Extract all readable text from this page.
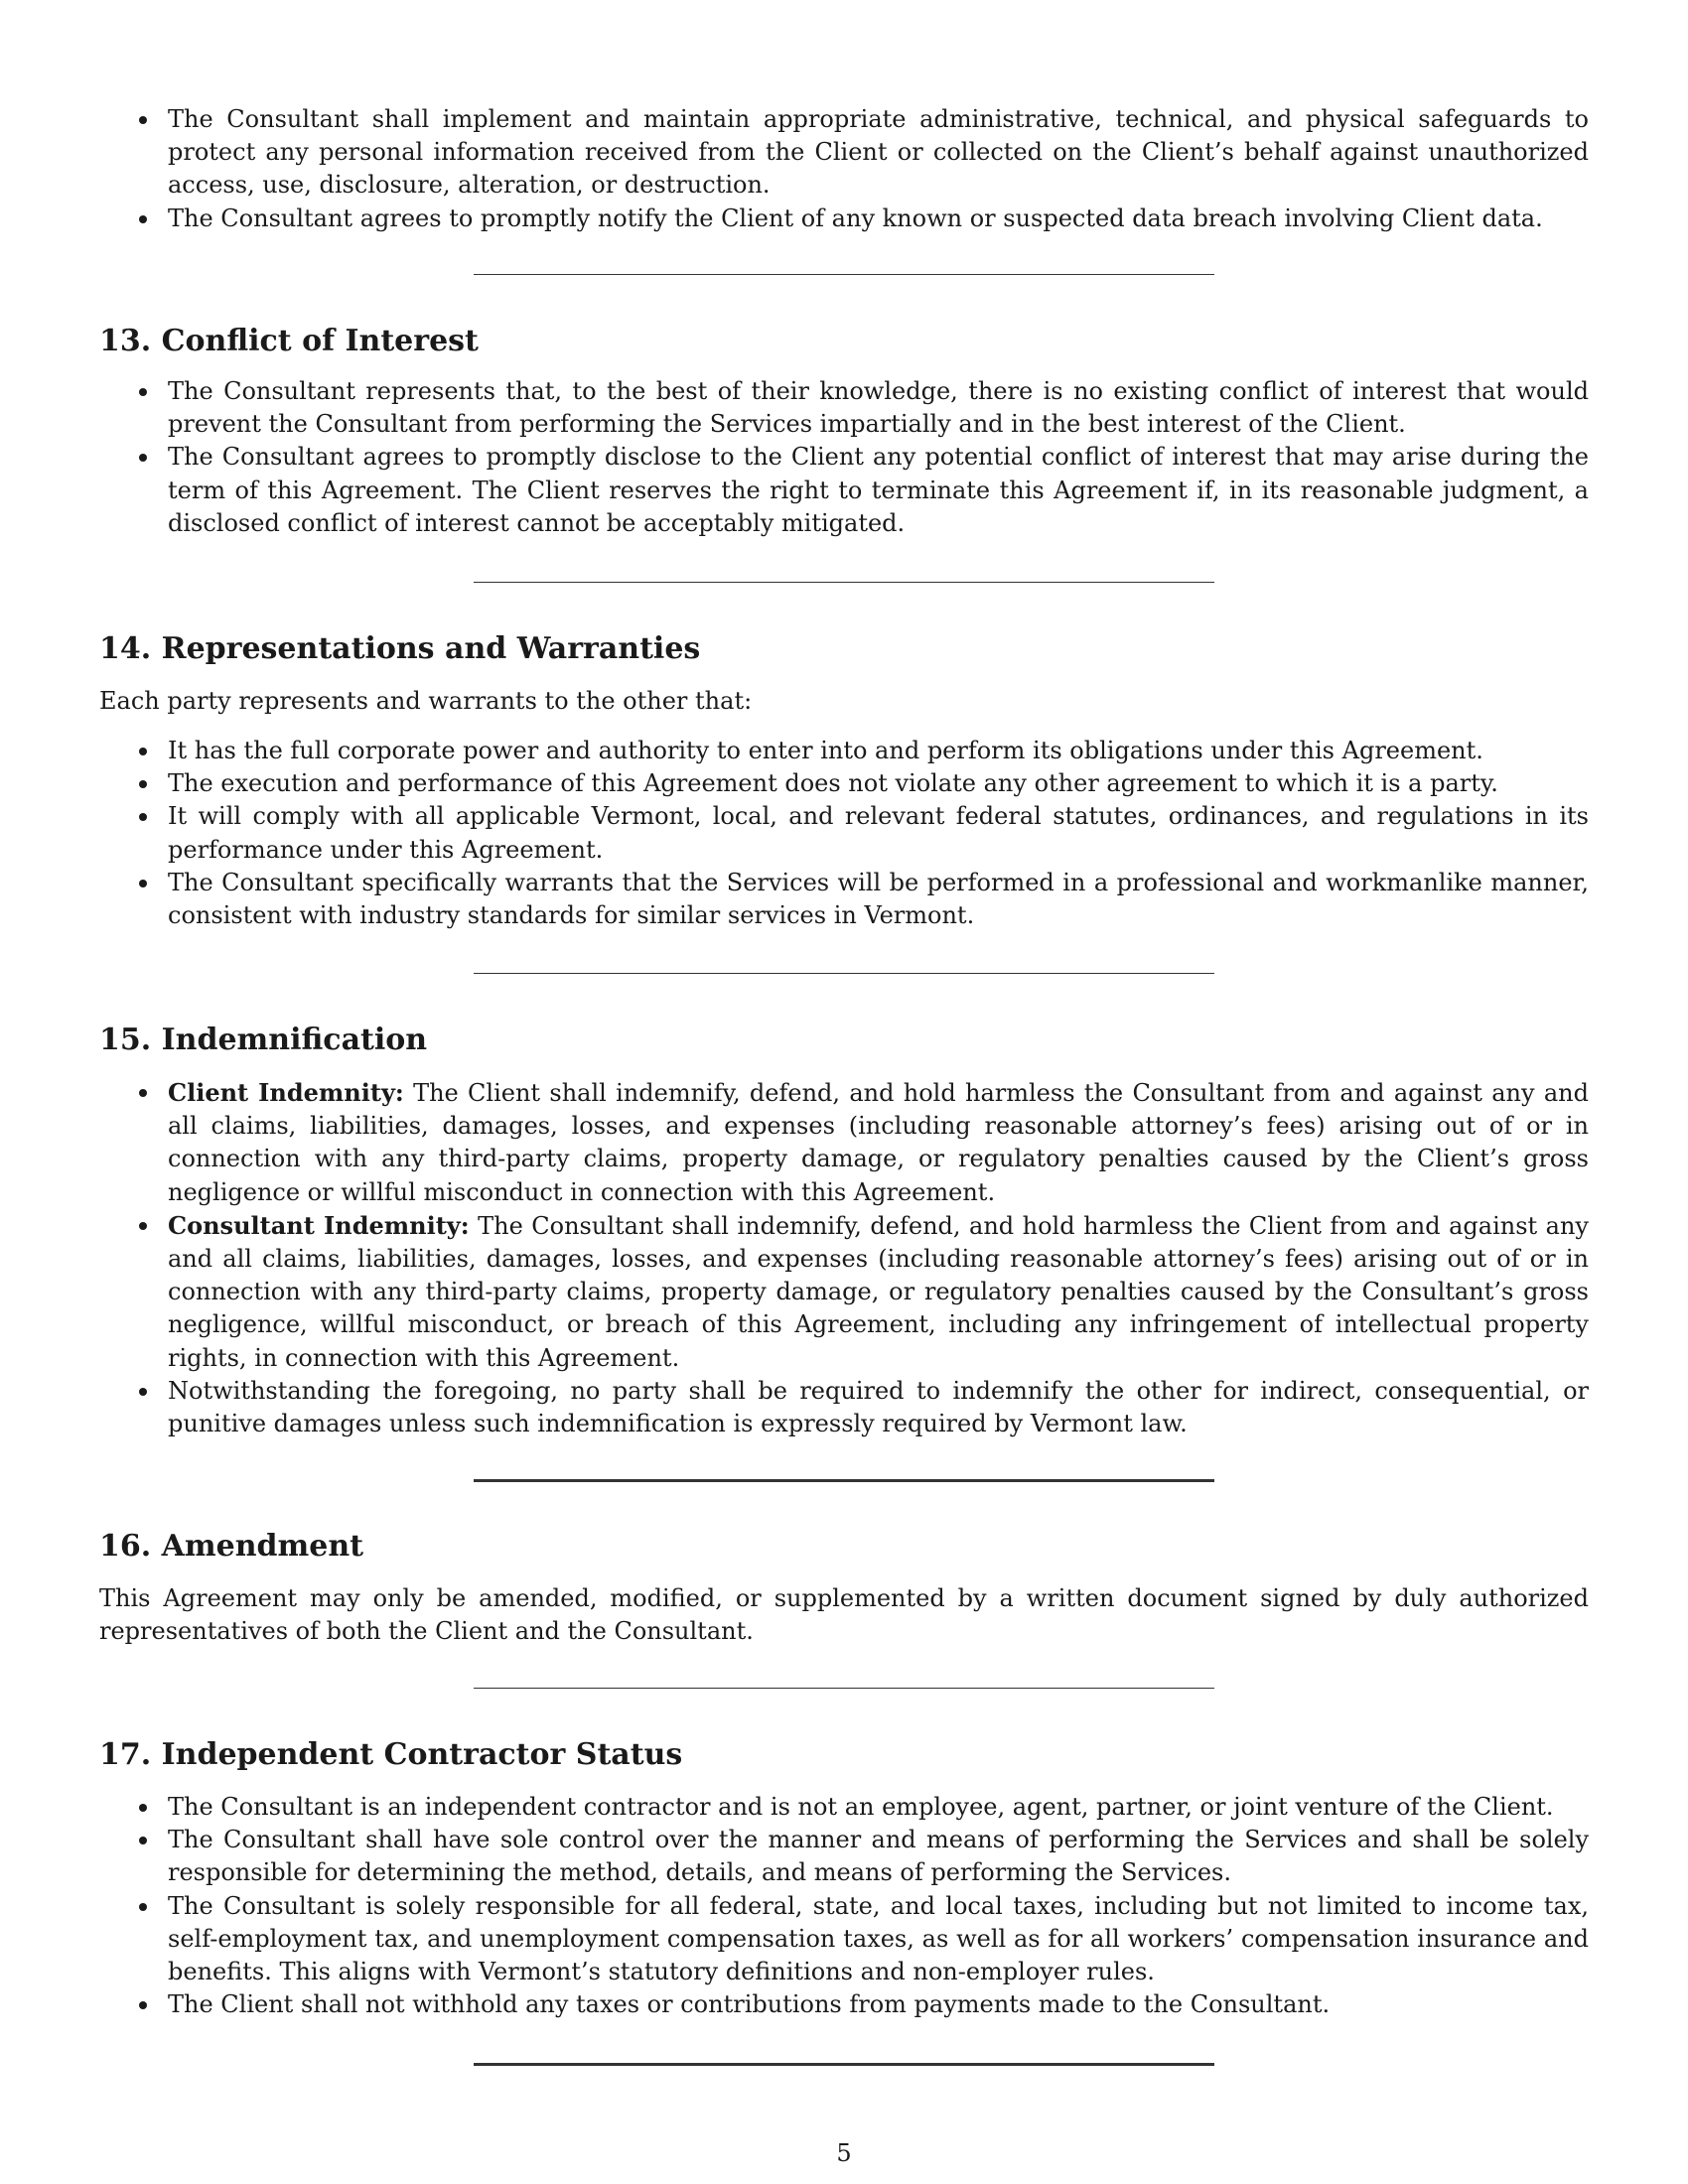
The Consultant shall implement and maintain appropriate administrative, technical, and physical safeguards to protect any personal information received from the Client or collected on the Client’s behalf against unauthorized access, use, disclosure, alteration, or destruction.
The Consultant agrees to promptly notify the Client of any known or suspected data breach involving Client data.
13. Conflict of Interest
The Consultant represents that, to the best of their knowledge, there is no existing conflict of interest that would prevent the Consultant from performing the Services impartially and in the best interest of the Client.
The Consultant agrees to promptly disclose to the Client any potential conflict of interest that may arise during the term of this Agreement. The Client reserves the right to terminate this Agreement if, in its reasonable judgment, a disclosed conflict of interest cannot be acceptably mitigated.
14. Representations and Warranties
Each party represents and warrants to the other that:
It has the full corporate power and authority to enter into and perform its obligations under this Agreement.
The execution and performance of this Agreement does not violate any other agreement to which it is a party.
It will comply with all applicable Vermont, local, and relevant federal statutes, ordinances, and regulations in its performance under this Agreement.
The Consultant specifically warrants that the Services will be performed in a professional and workmanlike manner, consistent with industry standards for similar services in Vermont.
15. Indemnification
Client Indemnity: The Client shall indemnify, defend, and hold harmless the Consultant from and against any and all claims, liabilities, damages, losses, and expenses (including reasonable attorney’s fees) arising out of or in connection with any third-party claims, property damage, or regulatory penalties caused by the Client’s gross negligence or willful misconduct in connection with this Agreement.
Consultant Indemnity: The Consultant shall indemnify, defend, and hold harmless the Client from and against any and all claims, liabilities, damages, losses, and expenses (including reasonable attorney’s fees) arising out of or in connection with any third-party claims, property damage, or regulatory penalties caused by the Consultant’s gross negligence, willful misconduct, or breach of this Agreement, including any infringement of intellectual property rights, in connection with this Agreement.
Notwithstanding the foregoing, no party shall be required to indemnify the other for indirect, consequential, or punitive damages unless such indemnification is expressly required by Vermont law.
16. Amendment
This Agreement may only be amended, modified, or supplemented by a written document signed by duly authorized representatives of both the Client and the Consultant.
17. Independent Contractor Status
The Consultant is an independent contractor and is not an employee, agent, partner, or joint venture of the Client.
The Consultant shall have sole control over the manner and means of performing the Services and shall be solely responsible for determining the method, details, and means of performing the Services.
The Consultant is solely responsible for all federal, state, and local taxes, including but not limited to income tax, self-employment tax, and unemployment compensation taxes, as well as for all workers’ compensation insurance and benefits. This aligns with Vermont’s statutory definitions and non-employer rules.
The Client shall not withhold any taxes or contributions from payments made to the Consultant.
5
